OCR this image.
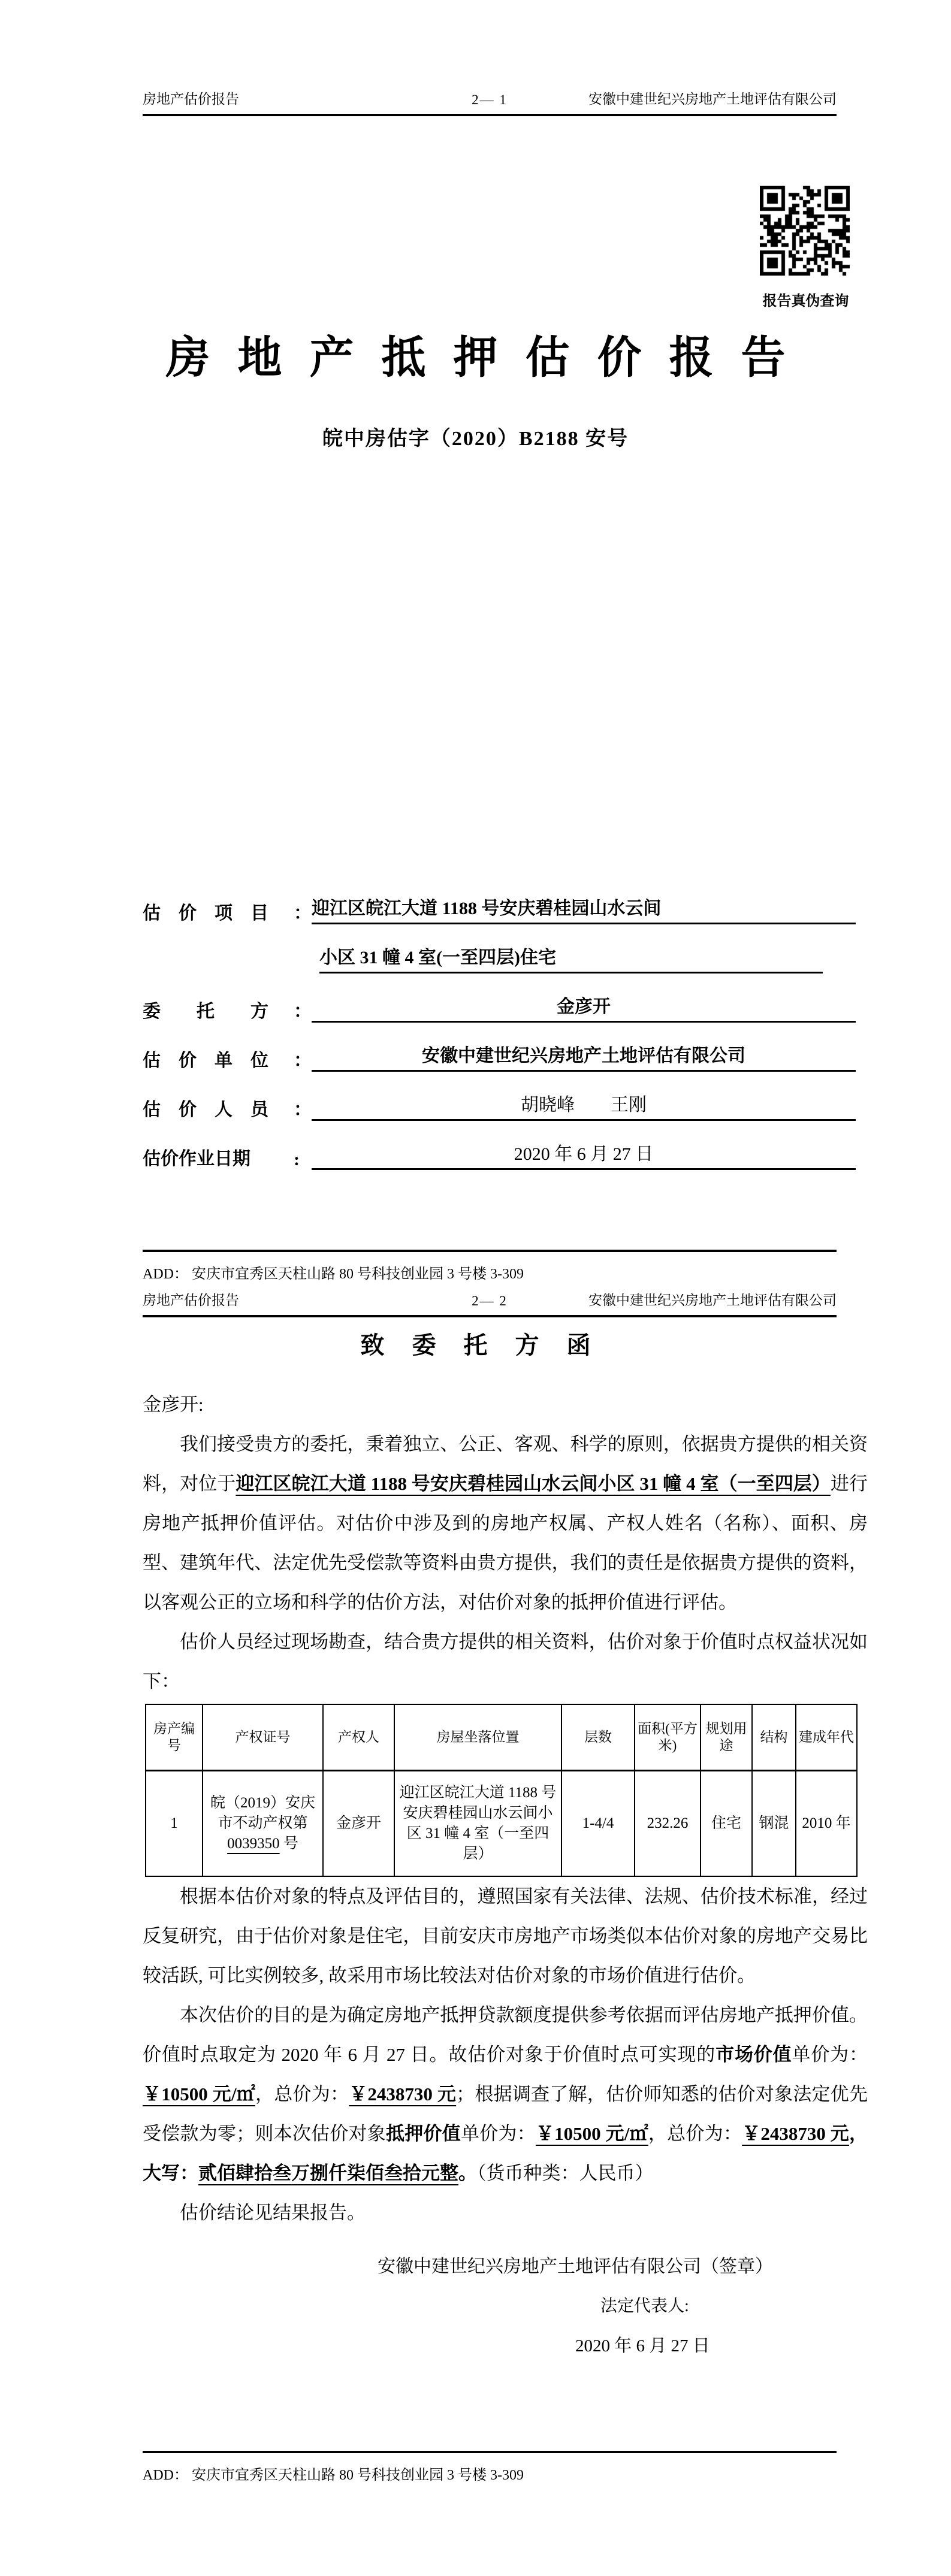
房地产估价报告	2— 1	安徽中建世纪兴房地产土地评估有限公司
报告真伪查询
房地产抵押估价报告
皖中房估字（2020）B2188 安号
估　价　项　目	： 迎江区皖江大道 1188 号安庆碧桂园山水云间
小区 31 幢 4 室(一至四层)住宅
委　　托　　方	：	金彦开
估　价　单　位	：	安徽中建世纪兴房地产土地评估有限公司
估　价　人　员	：	胡晓峰　　王刚
估价作业日期	:	2020 年 6 月 27 日
ADD： 安庆市宜秀区天柱山路 80 号科技创业园 3 号楼 3-309
房地产估价报告	2— 2	安徽中建世纪兴房地产土地评估有限公司
致委托方函
金彦开:

我们接受贵方的委托，秉着独立、公正、客观、科学的原则，依据贵方提供的相关资料，对位于迎江区皖江大道 1188 号安庆碧桂园山水云间小区 31 幢 4 室（一至四层）进行房地产抵押价值评估。对估价中涉及到的房地产权属、产权人姓名（名称）、面积、房型、建筑年代、法定优先受偿款等资料由贵方提供，我们的责任是依据贵方提供的资料，以客观公正的立场和科学的估价方法，对估价对象的抵押价值进行评估。

估价人员经过现场勘查，结合贵方提供的相关资料，估价对象于价值时点权益状况如下：

房产编号	产权证号	产权人	房屋坐落位置	层数	面积(平方米)	规划用途	结构	建成年代
1	皖（2019）安庆市不动产权第 0039350 号	金彦开	迎江区皖江大道 1188 号安庆碧桂园山水云间小区 31 幢 4 室（一至四层）	1-4/4	232.26	住宅	钢混	2010 年

根据本估价对象的特点及评估目的，遵照国家有关法律、法规、估价技术标准，经过反复研究，由于估价对象是住宅，目前安庆市房地产市场类似本估价对象的房地产交易比较活跃, 可比实例较多, 故采用市场比较法对估价对象的市场价值进行估价。

本次估价的目的是为确定房地产抵押贷款额度提供参考依据而评估房地产抵押价值。价值时点取定为 2020 年 6 月 27 日。故估价对象于价值时点可实现的市场价值单价为：￥10500 元/㎡，总价为：￥2438730 元；根据调查了解，估价师知悉的估价对象法定优先受偿款为零；则本次估价对象抵押价值单价为：￥10500 元/㎡，总价为：￥2438730 元，大写：贰佰肆拾叁万捌仟柒佰叁拾元整。（货币种类：人民币）

估价结论见结果报告。

安徽中建世纪兴房地产土地评估有限公司（签章）
法定代表人:
2020 年 6 月 27 日
ADD： 安庆市宜秀区天柱山路 80 号科技创业园 3 号楼 3-309
